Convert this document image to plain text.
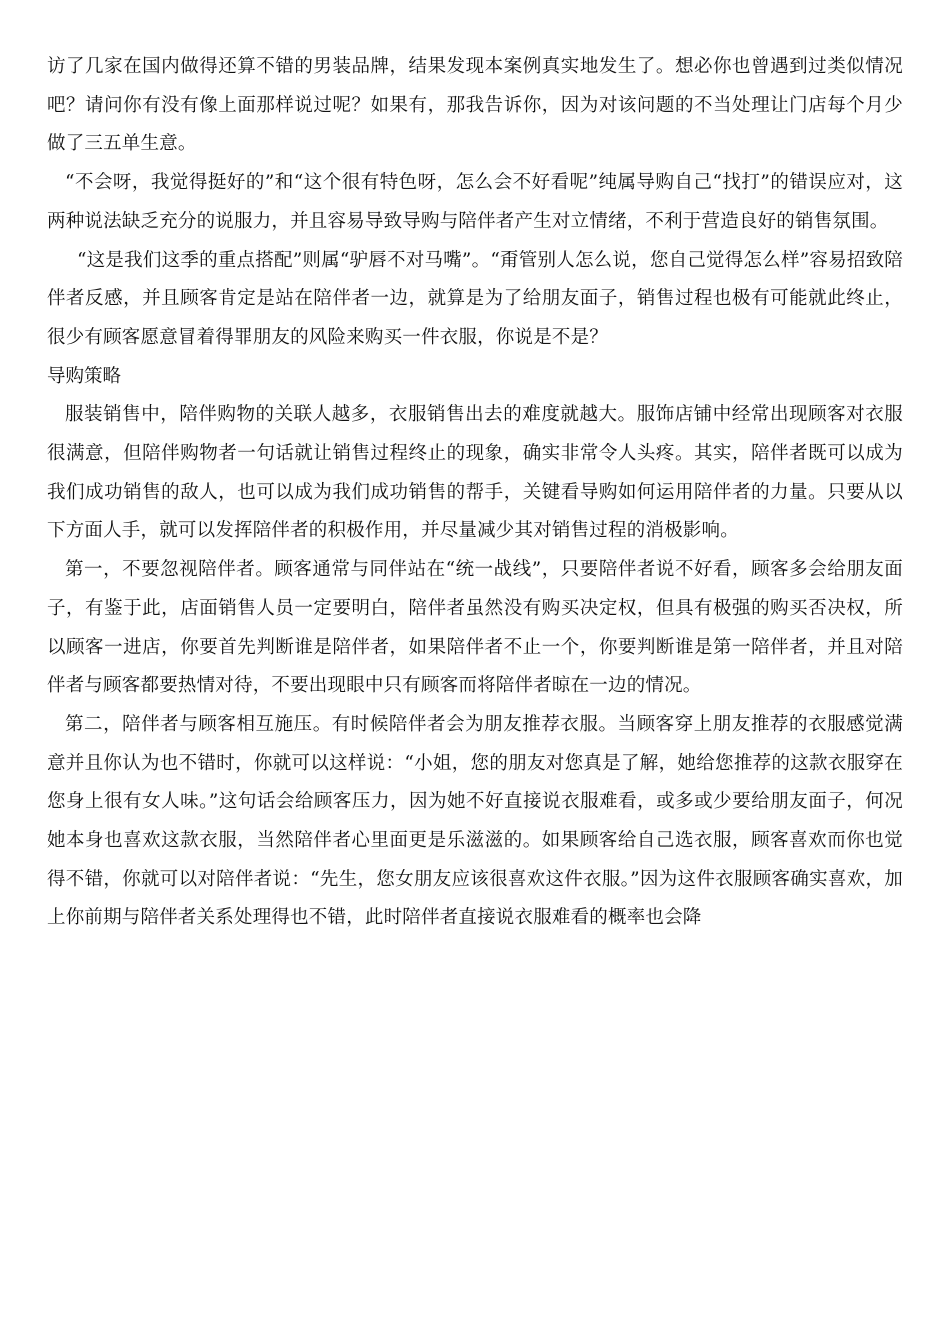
访了几家在国内做得还算不错的男装品牌，结果发现本案例真实地发生了。想必你也曾遇到过类似情况吧？请问你有没有像上面那样说过呢？如果有，那我告诉你，因为对该问题的不当处理让门店每个月少做了三五单生意。

“不会呀，我觉得挺好的”和“这个很有特色呀，怎么会不好看呢”纯属导购自己“找打”的错误应对，这两种说法缺乏充分的说服力，并且容易导致导购与陪伴者产生对立情绪，不利于营造良好的销售氛围。

“这是我们这季的重点搭配”则属“驴唇不对马嘴”。“甭管别人怎么说，您自己觉得怎么样”容易招致陪伴者反感，并且顾客肯定是站在陪伴者一边，就算是为了给朋友面子，销售过程也极有可能就此终止，很少有顾客愿意冒着得罪朋友的风险来购买一件衣服，你说是不是？

导购策略

服装销售中，陪伴购物的关联人越多，衣服销售出去的难度就越大。服饰店铺中经常出现顾客对衣服很满意，但陪伴购物者一句话就让销售过程终止的现象，确实非常令人头疼。其实，陪伴者既可以成为我们成功销售的敌人，也可以成为我们成功销售的帮手，关键看导购如何运用陪伴者的力量。只要从以下方面人手，就可以发挥陪伴者的积极作用，并尽量减少其对销售过程的消极影响。

第一，不要忽视陪伴者。顾客通常与同伴站在“统一战线”，只要陪伴者说不好看，顾客多会给朋友面子，有鉴于此，店面销售人员一定要明白，陪伴者虽然没有购买决定权，但具有极强的购买否决权，所以顾客一进店，你要首先判断谁是陪伴者，如果陪伴者不止一个，你要判断谁是第一陪伴者，并且对陪伴者与顾客都要热情对待，不要出现眼中只有顾客而将陪伴者晾在一边的情况。

第二，陪伴者与顾客相互施压。有时候陪伴者会为朋友推荐衣服。当顾客穿上朋友推荐的衣服感觉满意并且你认为也不错时，你就可以这样说：“小姐，您的朋友对您真是了解，她给您推荐的这款衣服穿在您身上很有女人味。”这句话会给顾客压力，因为她不好直接说衣服难看，或多或少要给朋友面子，何况她本身也喜欢这款衣服，当然陪伴者心里面更是乐滋滋的。如果顾客给自己选衣服，顾客喜欢而你也觉得不错，你就可以对陪伴者说：“先生，您女朋友应该很喜欢这件衣服。”因为这件衣服顾客确实喜欢，加上你前期与陪伴者关系处理得也不错，此时陪伴者直接说衣服难看的概率也会降
